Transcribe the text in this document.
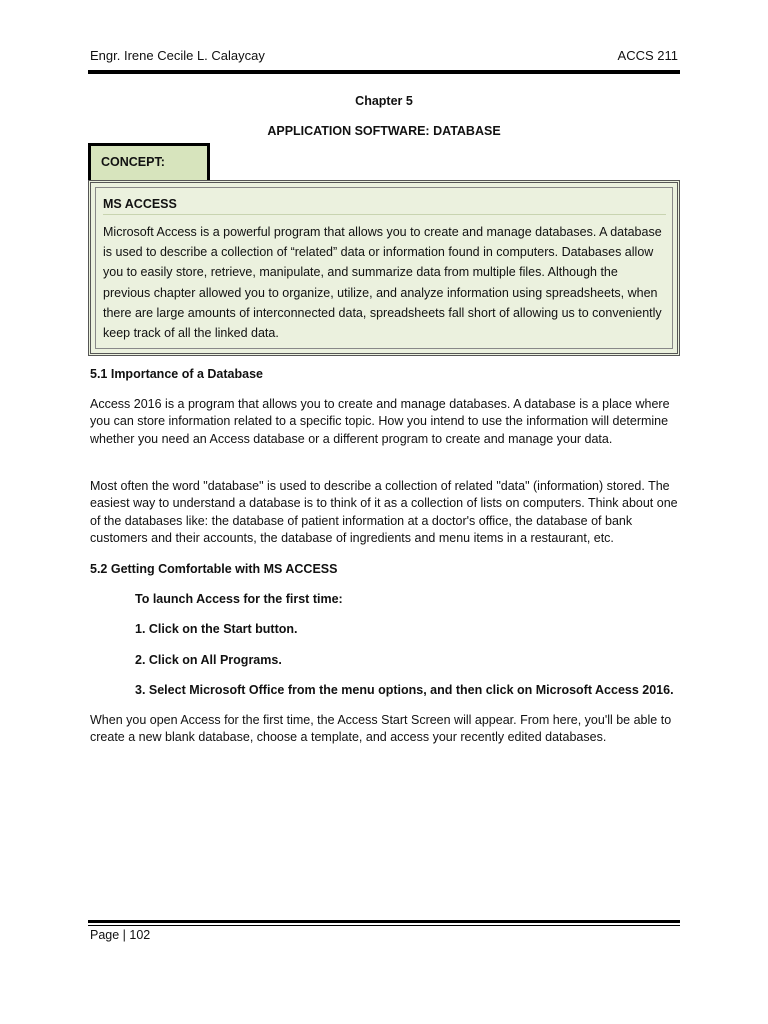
Engr. Irene Cecile L. Calaycay	ACCS 211
Chapter 5
APPLICATION SOFTWARE: DATABASE
CONCEPT:
MS ACCESS
Microsoft Access is a powerful program that allows you to create and manage databases. A database is used to describe a collection of “related” data or information found in computers. Databases allow you to easily store, retrieve, manipulate, and summarize data from multiple files. Although the previous chapter allowed you to organize, utilize, and analyze information using spreadsheets, when there are large amounts of interconnected data, spreadsheets fall short of allowing us to conveniently keep track of all the linked data.
5.1 Importance of a Database
Access 2016 is a program that allows you to create and manage databases. A database is a place where you can store information related to a specific topic. How you intend to use the information will determine whether you need an Access database or a different program to create and manage your data.
Most often the word "database" is used to describe a collection of related "data" (information) stored. The easiest way to understand a database is to think of it as a collection of lists on computers. Think about one of the databases like: the database of patient information at a doctor's office, the database of bank customers and their accounts, the database of ingredients and menu items in a restaurant, etc.
5.2 Getting Comfortable with MS ACCESS
To launch Access for the first time:
1. Click on the Start button.
2. Click on All Programs.
3. Select Microsoft Office from the menu options, and then click on Microsoft Access 2016.
When you open Access for the first time, the Access Start Screen will appear. From here, you'll be able to create a new blank database, choose a template, and access your recently edited databases.
Page | 102
